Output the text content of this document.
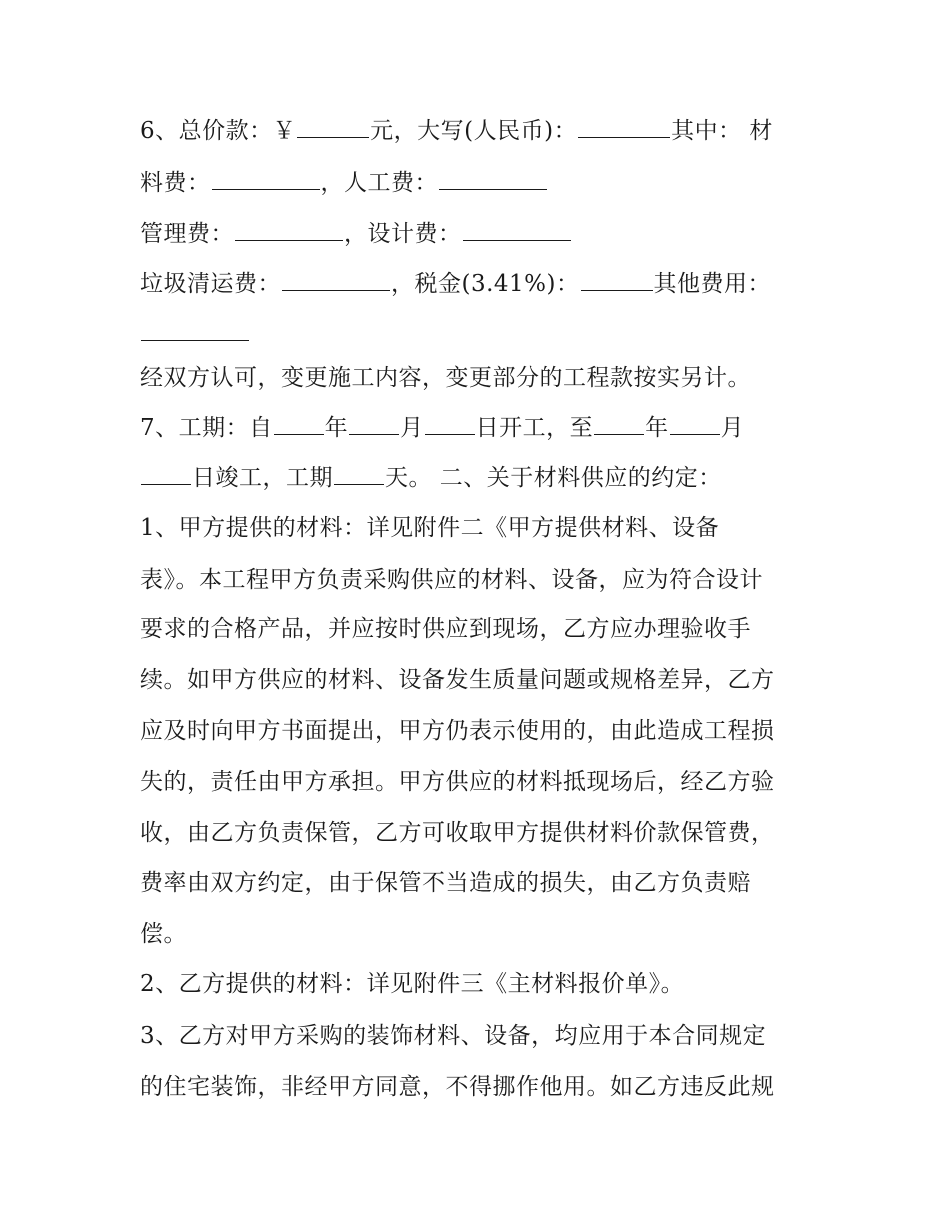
6、总价款：￥	元，大写(人民币)：	其中： 材
料费：	，人工费：
管理费：	，设计费：
垃圾清运费：	，税金(3.41%)：	其他费用：
经双方认可，变更施工内容，变更部分的工程款按实另计。
7、工期：自 年 月 日开工，至 年 月
日竣工，工期 天。 二、关于材料供应的约定：
1、甲方提供的材料：详见附件二《甲方提供材料、设备
表》。本工程甲方负责采购供应的材料、设备，应为符合设计
要求的合格产品，并应按时供应到现场，乙方应办理验收手
续。如甲方供应的材料、设备发生质量问题或规格差异，乙方
应及时向甲方书面提出，甲方仍表示使用的，由此造成工程损
失的，责任由甲方承担。甲方供应的材料抵现场后，经乙方验
收，由乙方负责保管，乙方可收取甲方提供材料价款保管费，
费率由双方约定，由于保管不当造成的损失，由乙方负责赔
偿。
2、乙方提供的材料：详见附件三《主材料报价单》。
3、乙方对甲方采购的装饰材料、设备，均应用于本合同规定
的住宅装饰，非经甲方同意，不得挪作他用。如乙方违反此规
